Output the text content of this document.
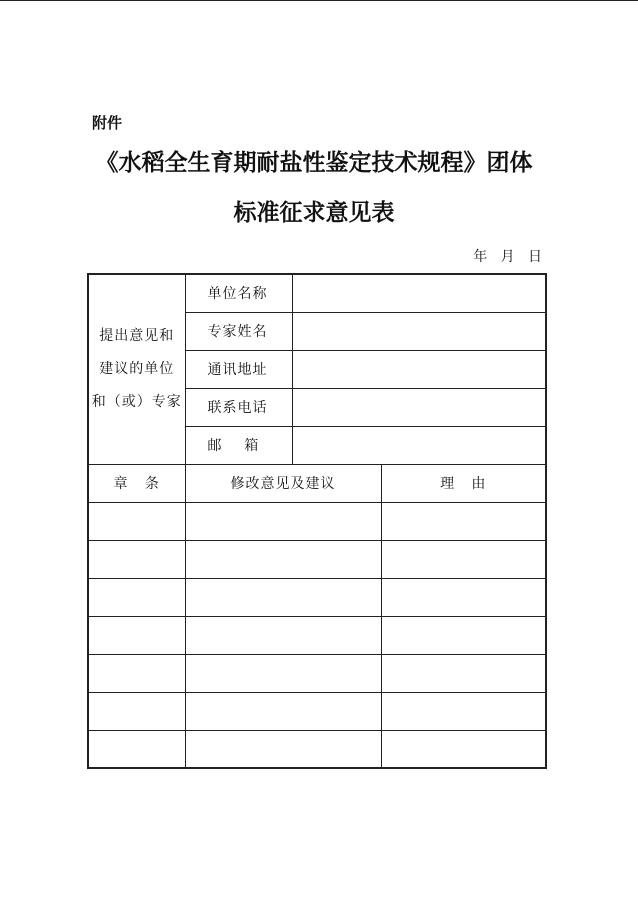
附件
《水稻全生育期耐盐性鉴定技术规程》团体
标准征求意见表
年   月   日
提出意见和
建议的单位
和（或）专家	单位名称		
	专家姓名		
	通讯地址		
	联系电话		
	邮    箱		
章   条	修改意见及建议		理   由
